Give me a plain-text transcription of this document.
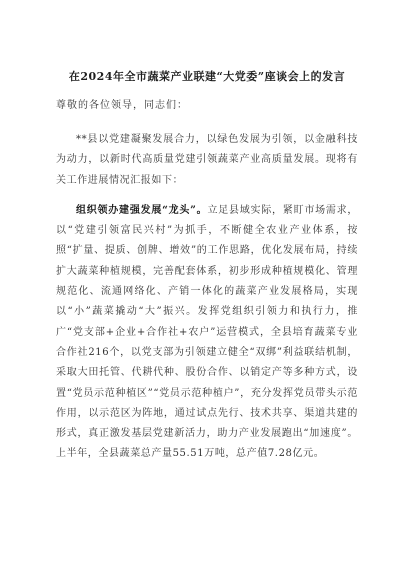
在2024年全市蔬菜产业联建“大党委”座谈会上的发言

尊敬的各位领导，同志们：

**县以党建凝聚发展合力，以绿色发展为引领，以金融科技为动力，以新时代高质量党建引领蔬菜产业高质量发展。现将有关工作进展情况汇报如下：

组织领办建强发展“龙头”。立足县域实际，紧盯市场需求，以“党建引领富民兴村”为抓手，不断健全农业产业体系，按照“扩量、提质、创牌、增效”的工作思路，优化发展布局，持续扩大蔬菜种植规模，完善配套体系，初步形成种植规模化、管理规范化、流通网络化、产销一体化的蔬菜产业发展格局，实现以“小”蔬菜撬动“大”振兴。发挥党组织引领力和执行力，推广“党支部+企业+合作社+农户”运营模式，全县培育蔬菜专业合作社216个，以党支部为引领建立健全“双绑”利益联结机制，采取大田托管、代耕代种、股份合作、以销定产等多种方式，设置“党员示范种植区”“党员示范种植户”，充分发挥党员带头示范作用，以示范区为阵地，通过试点先行、技术共享、渠道共建的形式，真正激发基层党建新活力，助力产业发展跑出“加速度”。上半年，全县蔬菜总产量55.51万吨，总产值7.28亿元。
